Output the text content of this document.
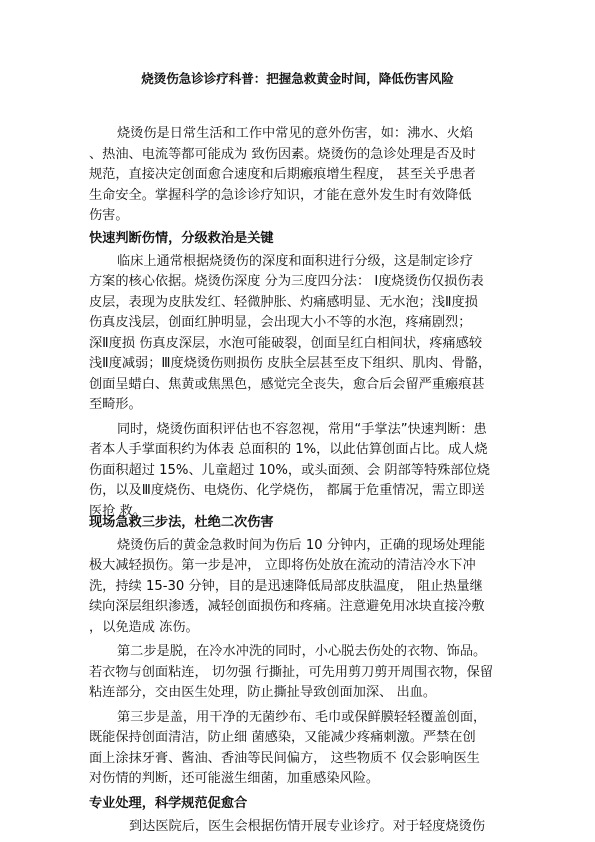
烧烫伤急诊诊疗科普：把握急救黄金时间，降低伤害风险
烧烫伤是日常生活和工作中常见的意外伤害，如：沸水、火焰
、热油、电流等都可能成为 致伤因素。烧烫伤的急诊处理是否及时
规范，直接决定创面愈合速度和后期瘢痕增生程度， 甚至关乎患者
生命安全。掌握科学的急诊诊疗知识，才能在意外发生时有效降低
伤害。
快速判断伤情，分级救治是关键
临床上通常根据烧烫伤的深度和面积进行分级，这是制定诊疗
方案的核心依据。烧烫伤深度 分为三度四分法： Ⅰ度烧烫伤仅损伤表
皮层，表现为皮肤发红、轻微肿胀、灼痛感明显、无水泡；浅Ⅱ度损
伤真皮浅层，创面红肿明显，会出现大小不等的水泡，疼痛剧烈；
深Ⅱ度损 伤真皮深层，水泡可能破裂，创面呈红白相间状，疼痛感较
浅Ⅱ度减弱；Ⅲ度烧烫伤则损伤 皮肤全层甚至皮下组织、肌肉、骨骼，
创面呈蜡白、焦黄或焦黑色，感觉完全丧失，愈合后会留严重瘢痕甚
至畸形。
同时，烧烫伤面积评估也不容忽视，常用“手掌法”快速判断：患
者本人手掌面积约为体表 总面积的 1%，以此估算创面占比。成人烧
伤面积超过 15%、儿童超过 10%，或头面颈、会 阴部等特殊部位烧
伤，以及Ⅲ度烧伤、电烧伤、化学烧伤， 都属于危重情况，需立即送
医抢 救。
现场急救三步法，杜绝二次伤害
烧烫伤后的黄金急救时间为伤后 10 分钟内，正确的现场处理能
极大减轻损伤。第一步是冲， 立即将伤处放在流动的清洁冷水下冲
洗，持续 15-30 分钟，目的是迅速降低局部皮肤温度， 阻止热量继
续向深层组织渗透，减轻创面损伤和疼痛。注意避免用冰块直接冷敷
，以免造成 冻伤。
第二步是脱，在冷水冲洗的同时，小心脱去伤处的衣物、饰品。
若衣物与创面粘连， 切勿强 行撕扯，可先用剪刀剪开周围衣物，保留
粘连部分，交由医生处理，防止撕扯导致创面加深、 出血。
第三步是盖，用干净的无菌纱布、毛巾或保鲜膜轻轻覆盖创面，
既能保持创面清洁，防止细 菌感染，又能减少疼痛刺激。严禁在创
面上涂抹牙膏、酱油、香油等民间偏方， 这些物质不 仅会影响医生
对伤情的判断，还可能滋生细菌，加重感染风险。
专业处理，科学规范促愈合
到达医院后，医生会根据伤情开展专业诊疗。对于轻度烧烫伤
